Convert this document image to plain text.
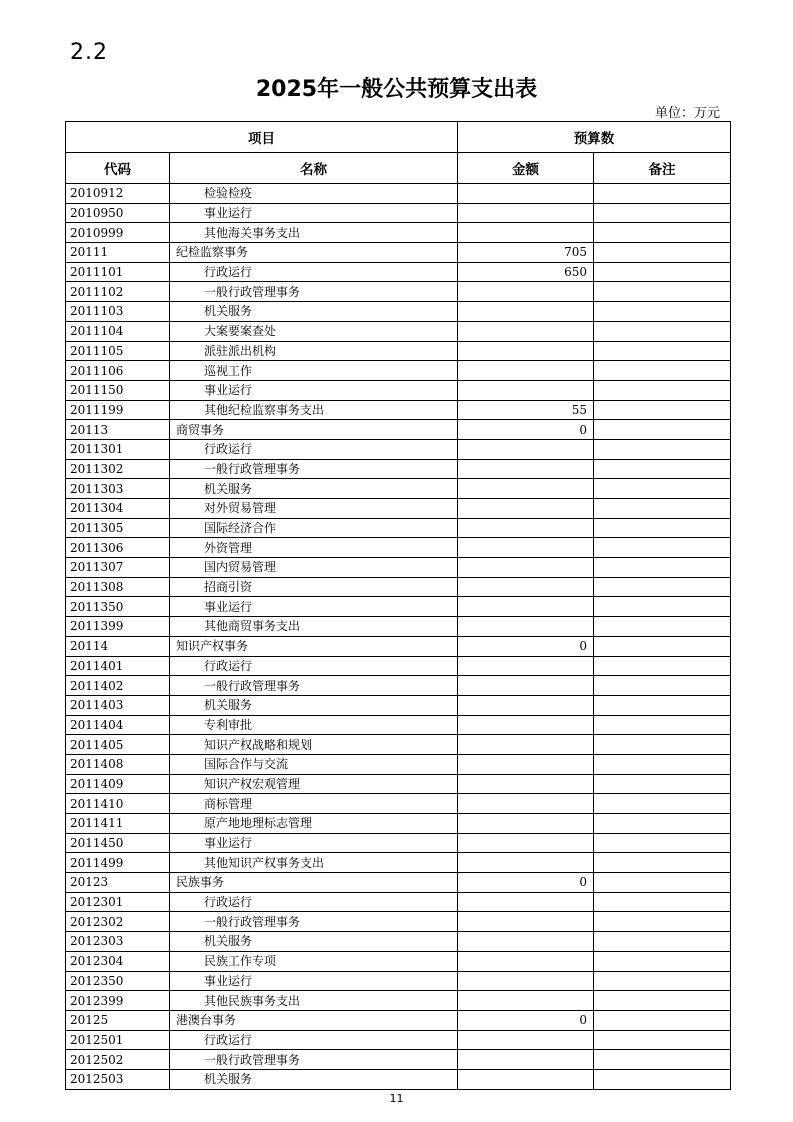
2.2
2025年一般公共预算支出表
单位：万元
项目		预算数	
代码	名称	金额	备注
2010912	检验检疫		
2010950	事业运行		
2010999	其他海关事务支出		
20111	纪检监察事务	705	
2011101	行政运行	650	
2011102	一般行政管理事务		
2011103	机关服务		
2011104	大案要案查处		
2011105	派驻派出机构		
2011106	巡视工作		
2011150	事业运行		
2011199	其他纪检监察事务支出	55	
20113	商贸事务	0	
2011301	行政运行		
2011302	一般行政管理事务		
2011303	机关服务		
2011304	对外贸易管理		
2011305	国际经济合作		
2011306	外资管理		
2011307	国内贸易管理		
2011308	招商引资		
2011350	事业运行		
2011399	其他商贸事务支出		
20114	知识产权事务	0	
2011401	行政运行		
2011402	一般行政管理事务		
2011403	机关服务		
2011404	专利审批		
2011405	知识产权战略和规划		
2011408	国际合作与交流		
2011409	知识产权宏观管理		
2011410	商标管理		
2011411	原产地地理标志管理		
2011450	事业运行		
2011499	其他知识产权事务支出		
20123	民族事务	0	
2012301	行政运行		
2012302	一般行政管理事务		
2012303	机关服务		
2012304	民族工作专项		
2012350	事业运行		
2012399	其他民族事务支出		
20125	港澳台事务	0	
2012501	行政运行		
2012502	一般行政管理事务		
2012503	机关服务		
11
